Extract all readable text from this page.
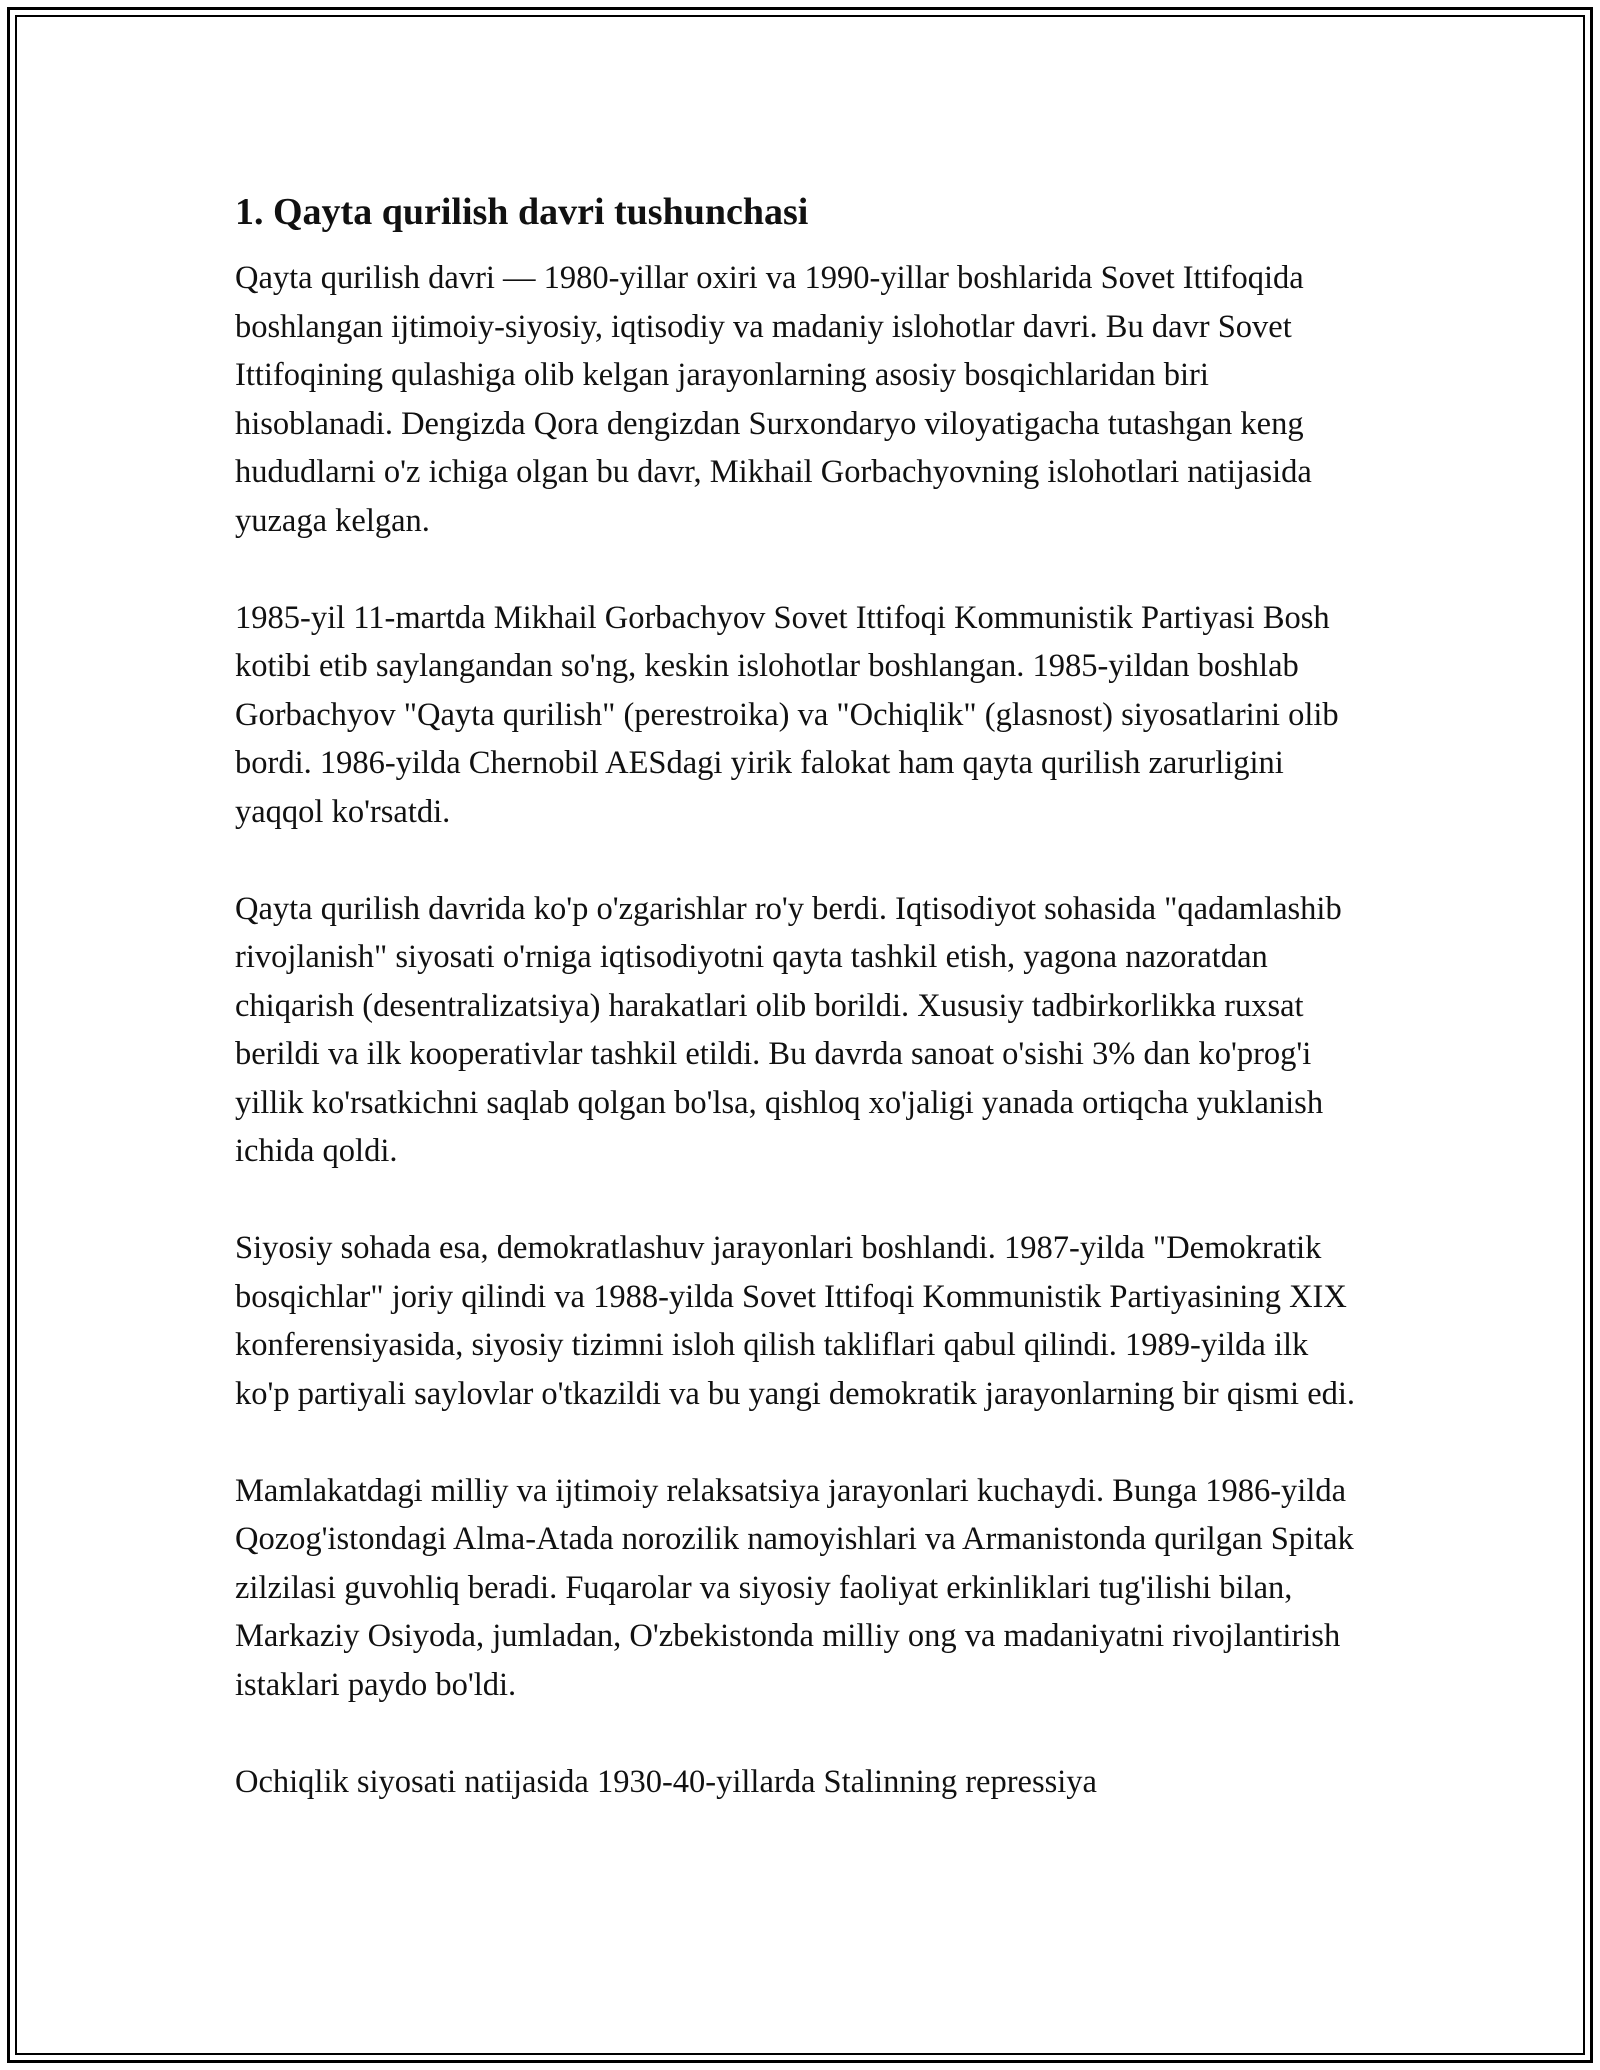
1. Qayta qurilish davri tushunchasi

Qayta qurilish davri — 1980-yillar oxiri va 1990-yillar boshlarida Sovet Ittifoqida boshlangan ijtimoiy-siyosiy, iqtisodiy va madaniy islohotlar davri. Bu davr Sovet Ittifoqining qulashiga olib kelgan jarayonlarning asosiy bosqichlaridan biri hisoblanadi. Dengizda Qora dengizdan Surxondaryo viloyatigacha tutashgan keng hududlarni o'z ichiga olgan bu davr, Mikhail Gorbachyovning islohotlari natijasida yuzaga kelgan.

1985-yil 11-martda Mikhail Gorbachyov Sovet Ittifoqi Kommunistik Partiyasi Bosh kotibi etib saylangandan so'ng, keskin islohotlar boshlangan. 1985-yildan boshlab Gorbachyov "Qayta qurilish" (perestroika) va "Ochiqlik" (glasnost) siyosatlarini olib bordi. 1986-yilda Chernobil AESdagi yirik falokat ham qayta qurilish zarurligini yaqqol ko'rsatdi.

Qayta qurilish davrida ko'p o'zgarishlar ro'y berdi. Iqtisodiyot sohasida "qadamlashib rivojlanish" siyosati o'rniga iqtisodiyotni qayta tashkil etish, yagona nazoratdan chiqarish (desentralizatsiya) harakatlari olib borildi. Xususiy tadbirkorlikka ruxsat berildi va ilk kooperativlar tashkil etildi. Bu davrda sanoat o'sishi 3% dan ko'prog'i yillik ko'rsatkichni saqlab qolgan bo'lsa, qishloq xo'jaligi yanada ortiqcha yuklanish ichida qoldi.

Siyosiy sohada esa, demokratlashuv jarayonlari boshlandi. 1987-yilda "Demokratik bosqichlar" joriy qilindi va 1988-yilda Sovet Ittifoqi Kommunistik Partiyasining XIX konferensiyasida, siyosiy tizimni isloh qilish takliflari qabul qilindi. 1989-yilda ilk ko'p partiyali saylovlar o'tkazildi va bu yangi demokratik jarayonlarning bir qismi edi.

Mamlakatdagi milliy va ijtimoiy relaksatsiya jarayonlari kuchaydi. Bunga 1986-yilda Qozog'istondagi Alma-Atada norozilik namoyishlari va Armanistonda qurilgan Spitak zilzilasi guvohliq beradi. Fuqarolar va siyosiy faoliyat erkinliklari tug'ilishi bilan, Markaziy Osiyoda, jumladan, O'zbekistonda milliy ong va madaniyatni rivojlantirish istaklari paydo bo'ldi.

Ochiqlik siyosati natijasida 1930-40-yillarda Stalinning repressiya
